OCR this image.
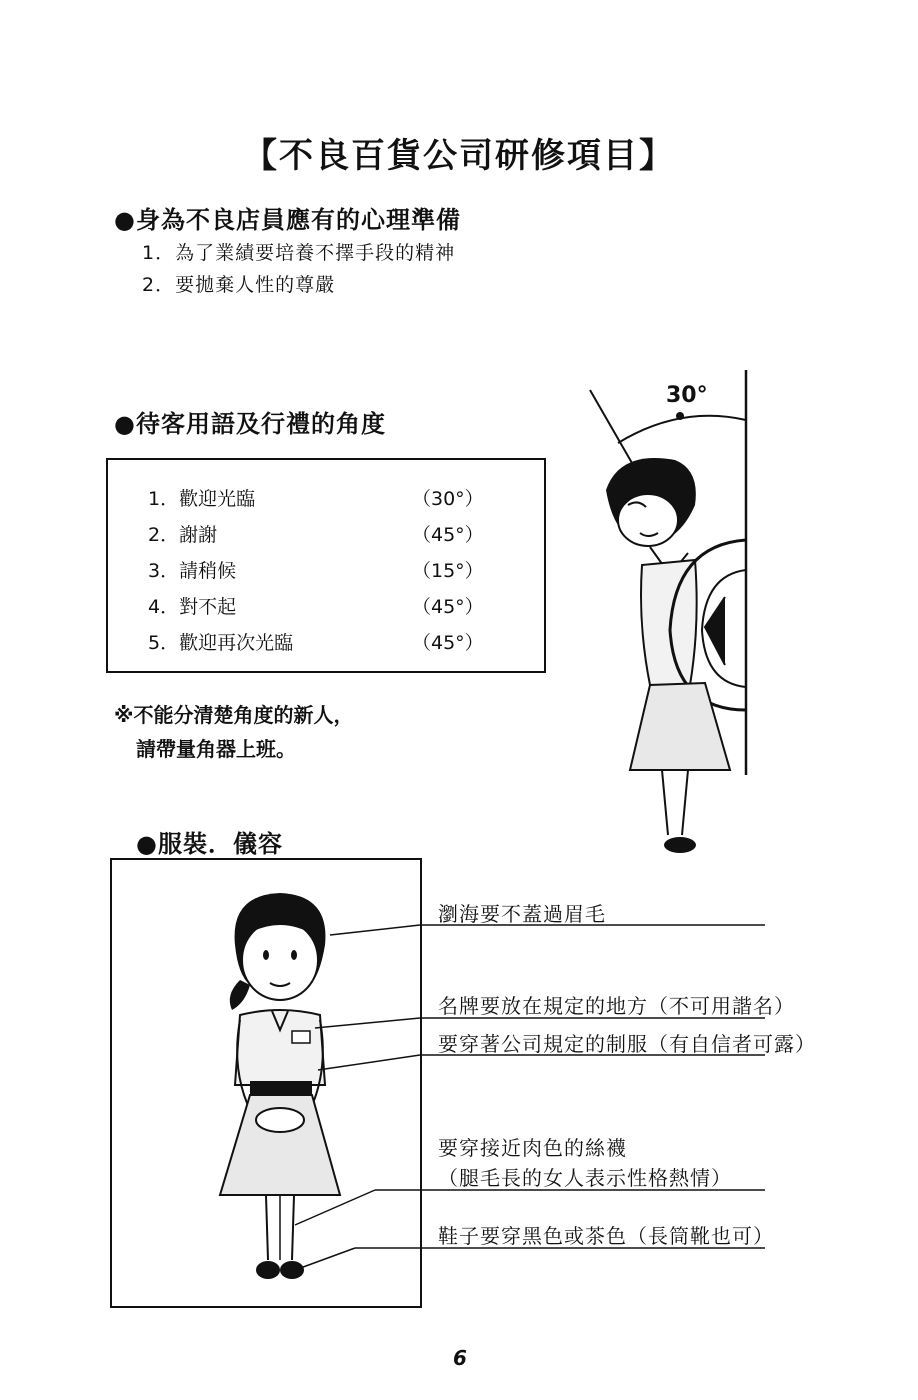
【不良百貨公司研修項目】
●身為不良店員應有的心理準備
1．為了業績要培養不擇手段的精神
2．要拋棄人性的尊嚴
●待客用語及行禮的角度
1．歡迎光臨	（30°）
2．謝謝	（45°）
3．請稍候	（15°）
4．對不起	（45°）
5．歡迎再次光臨	（45°）
※不能分清楚角度的新人，
請帶量角器上班。
30°
●服裝．儀容
瀏海要不蓋過眉毛
名牌要放在規定的地方（不可用諧名）
要穿著公司規定的制服（有自信者可露）
要穿接近肉色的絲襪
（腿毛長的女人表示性格熱情）
鞋子要穿黑色或茶色（長筒靴也可）
6
